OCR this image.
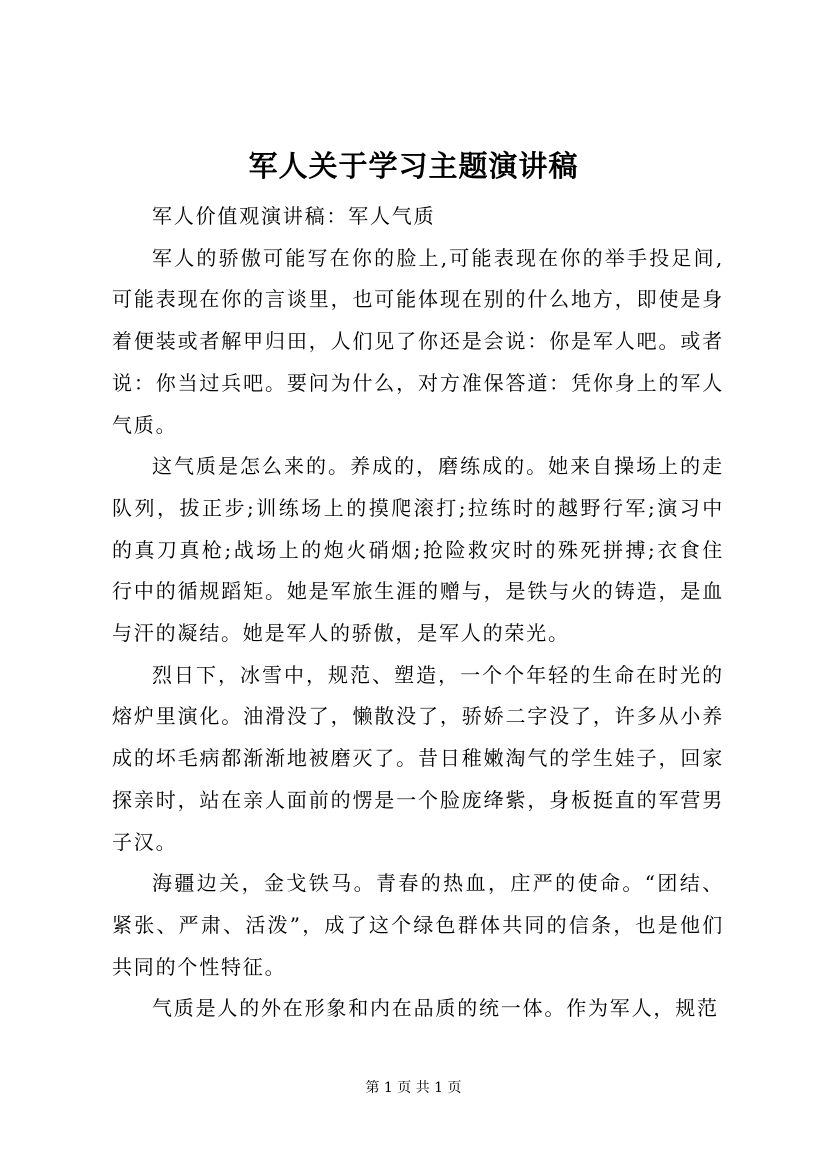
军人关于学习主题演讲稿

军人价值观演讲稿：军人气质

军人的骄傲可能写在你的脸上,可能表现在你的举手投足间,可能表现在你的言谈里，也可能体现在别的什么地方，即使是身着便装或者解甲归田，人们见了你还是会说：你是军人吧。或者说：你当过兵吧。要问为什么，对方准保答道：凭你身上的军人气质。

这气质是怎么来的。养成的，磨练成的。她来自操场上的走队列，拔正步;训练场上的摸爬滚打;拉练时的越野行军;演习中的真刀真枪;战场上的炮火硝烟;抢险救灾时的殊死拼搏;衣食住行中的循规蹈矩。她是军旅生涯的赠与，是铁与火的铸造，是血与汗的凝结。她是军人的骄傲，是军人的荣光。

烈日下，冰雪中，规范、塑造，一个个年轻的生命在时光的熔炉里演化。油滑没了，懒散没了，骄娇二字没了，许多从小养成的坏毛病都渐渐地被磨灭了。昔日稚嫩淘气的学生娃子，回家探亲时，站在亲人面前的愣是一个脸庞绛紫，身板挺直的军营男子汉。

海疆边关，金戈铁马。青春的热血，庄严的使命。“团结、紧张、严肃、活泼”，成了这个绿色群体共同的信条，也是他们共同的个性特征。

气质是人的外在形象和内在品质的统一体。作为军人，规范

第 1 页 共 1 页
